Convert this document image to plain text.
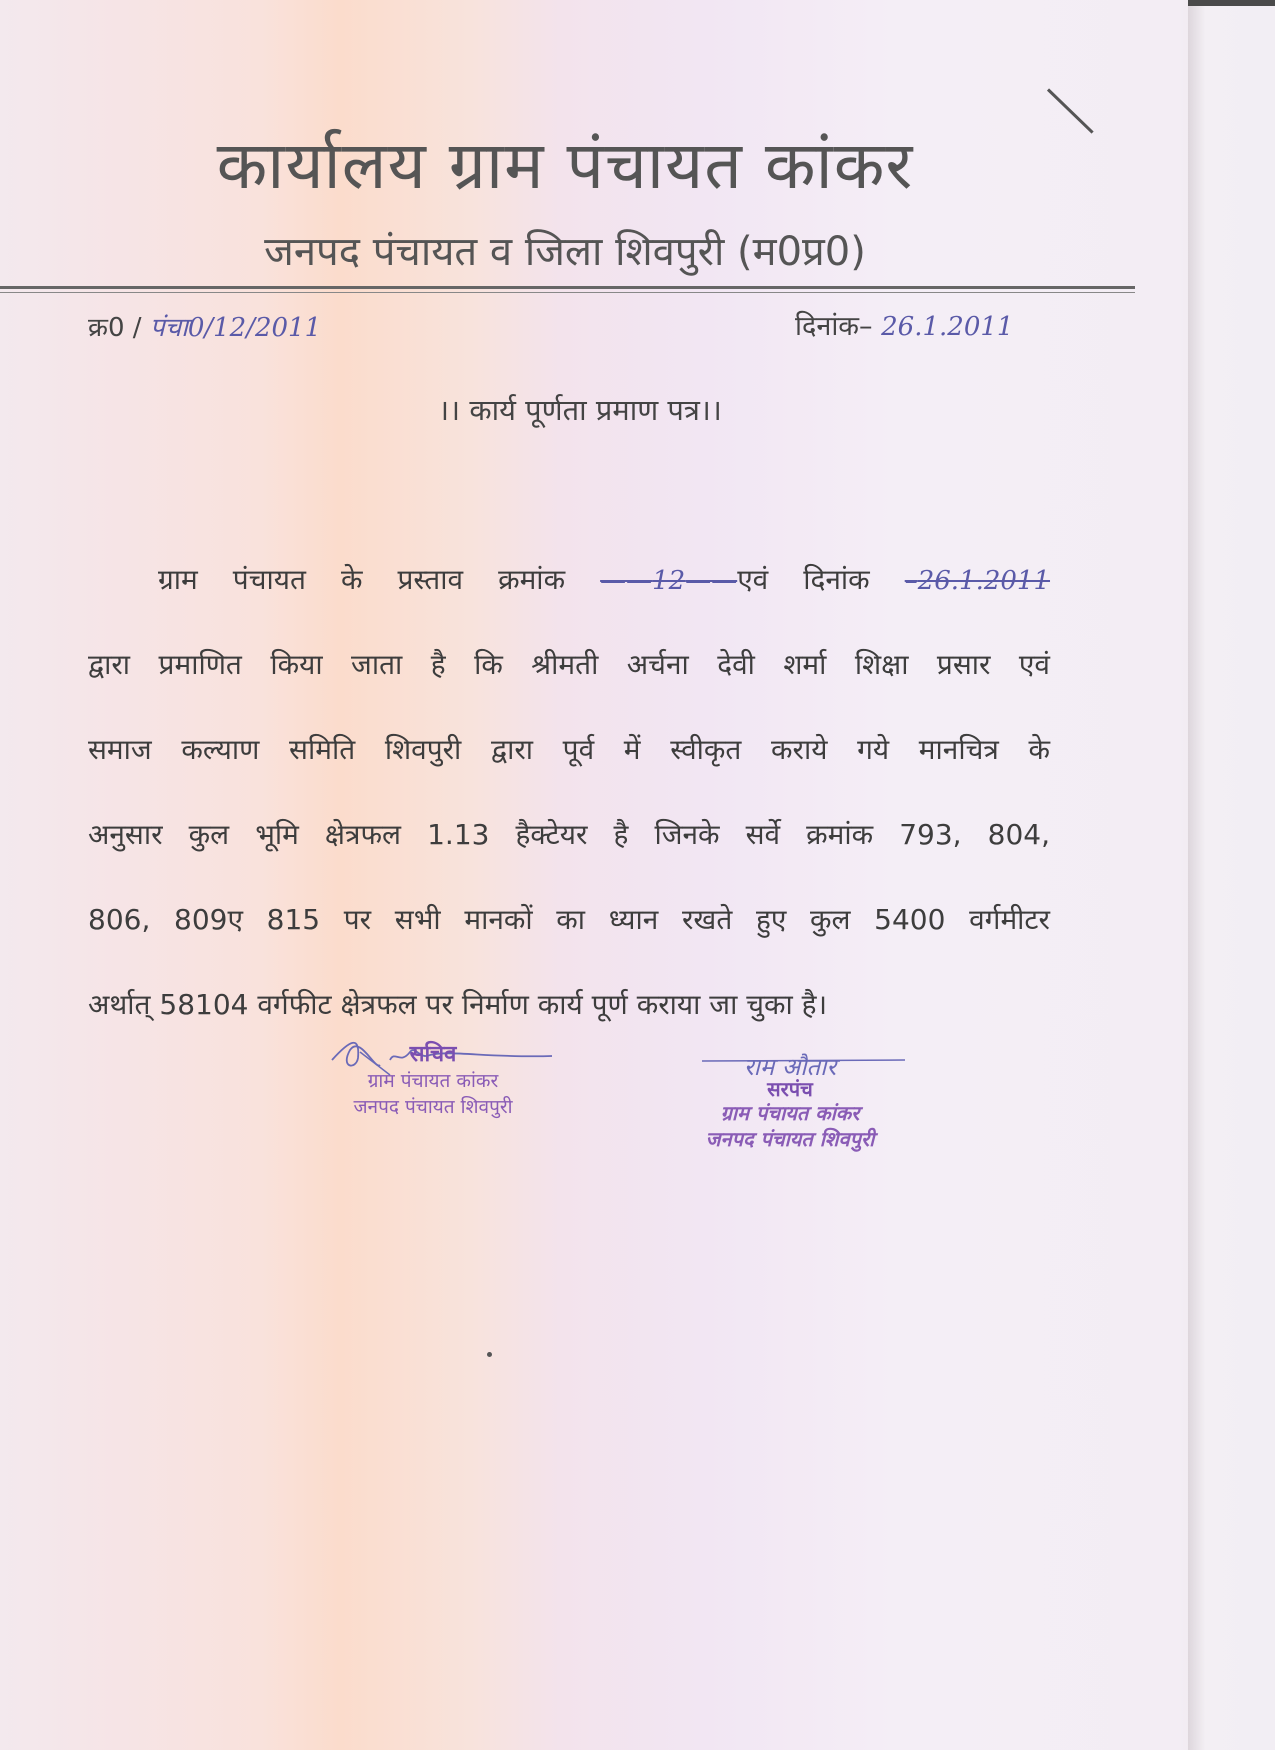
कार्यालय ग्राम पंचायत कांकर
जनपद पंचायत व जिला शिवपुरी (म0प्र0)
क्र0 / पंचा0/12/2011	दिनांक– 26.1.2011
।। कार्य पूर्णता प्रमाण पत्र।।

ग्राम पंचायत के प्रस्ताव क्रमांक ——12——एवं दिनांक –26.1.2011

द्वारा प्रमाणित किया जाता है कि श्रीमती अर्चना देवी शर्मा शिक्षा प्रसार एवं

समाज कल्याण समिति शिवपुरी द्वारा पूर्व में स्वीकृत कराये गये मानचित्र के

अनुसार कुल भूमि क्षेत्रफल 1.13 हैक्टेयर है जिनके सर्वे क्रमांक 793, 804,

806, 809ए 815 पर सभी मानकों का ध्यान रखते हुए कुल 5400 वर्गमीटर

अर्थात् 58104 वर्गफीट क्षेत्रफल पर निर्माण कार्य पूर्ण कराया जा चुका है।

सचिव
ग्राम पंचायत कांकर
जनपद पंचायत शिवपुरी
राम औतार
सरपंच
ग्राम पंचायत कांकर
जनपद पंचायत शिवपुरी
